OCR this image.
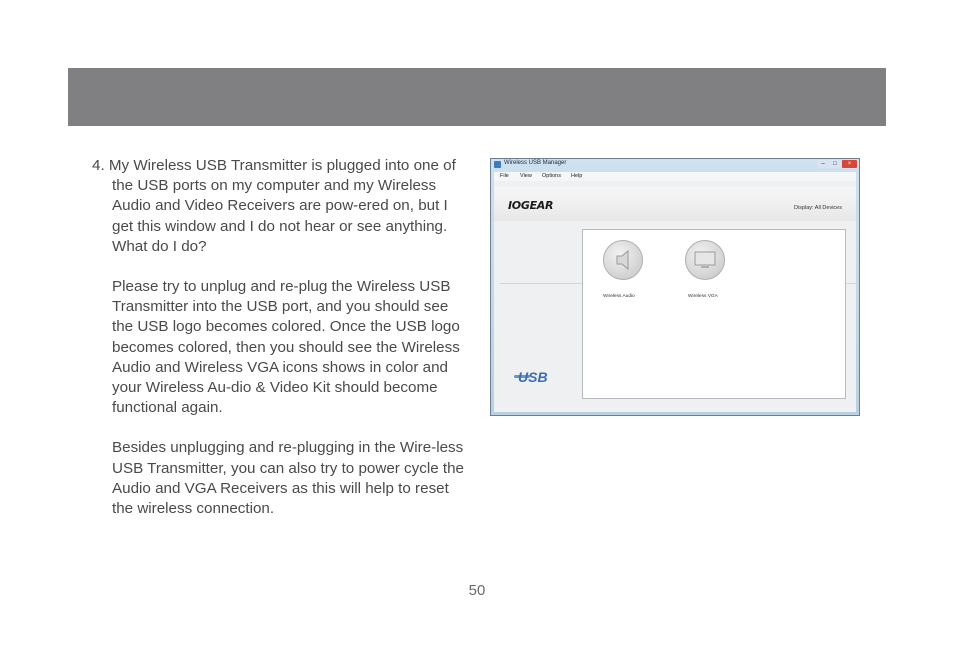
4. My Wireless USB Transmitter is plugged into one of the USB ports on my computer and my Wireless Audio and Video Receivers are pow-ered on, but I get this window and I do not hear or see anything. What do I do?

Please try to unplug and re-plug the Wireless USB Transmitter into the USB port, and you should see the USB logo becomes colored. Once the USB logo becomes colored, then you should see the Wireless Audio and Wireless VGA icons shows in color and your Wireless Au-dio & Video Kit should become functional again.

Besides unplugging and re-plugging in the Wire-less USB Transmitter, you can also try to power cycle the Audio and VGA Receivers as this will help to reset the wireless connection.

Wireless USB Manager	–	□	×
File View Options Help
IOGEAR	Display: All Devices
USB
Wireless Audio	Wireless VGA
50
